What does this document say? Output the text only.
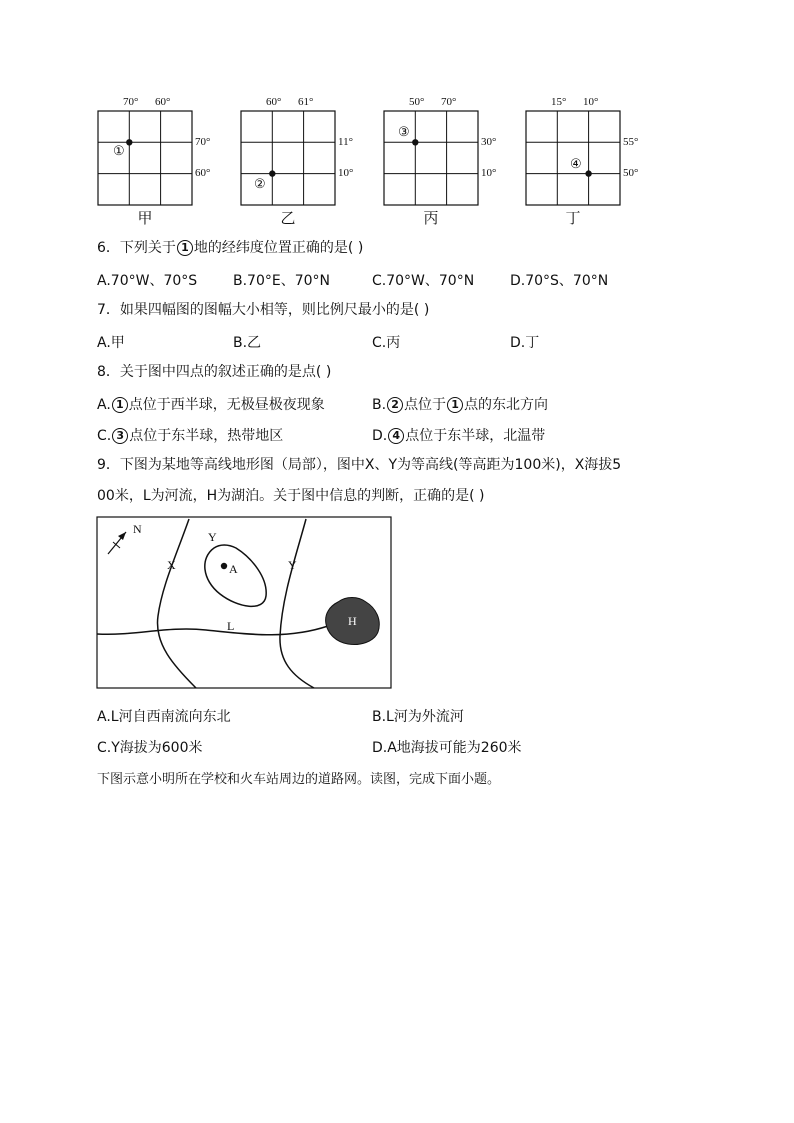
70° 60°
①
70°
60°
甲
60° 61°
②
11°
10°
乙
50° 70°
③
30°
10°
丙
15° 10°
④
55°
50°
丁
6．下列关于 1 地的经纬度位置正确的是( )
A.70°W、70°S	B.70°E、70°N	C.70°W、70°N	D.70°S、70°N
7．如果四幅图的图幅大小相等，则比例尺最小的是( )
A.甲	B.乙	C.丙	D.丁
8．关于图中四点的叙述正确的是点( )
A. 1 点位于西半球，无极昼极夜现象	B. 2 点位于 1 点的东北方向
C. 3 点位于东半球，热带地区	D. 4 点位于东半球，北温带
9．下图为某地等高线地形图（局部），图中X、Y为等高线(等高距为100米)，X海拔5
00米，L为河流，H为湖泊。关于图中信息的判断，正确的是( )
N
X
Y
Y
A
L	H
A.L河自西南流向东北	B.L河为外流河
C.Y海拔为600米	D.A地海拔可能为260米
下图示意小明所在学校和火车站周边的道路网。读图，完成下面小题。
